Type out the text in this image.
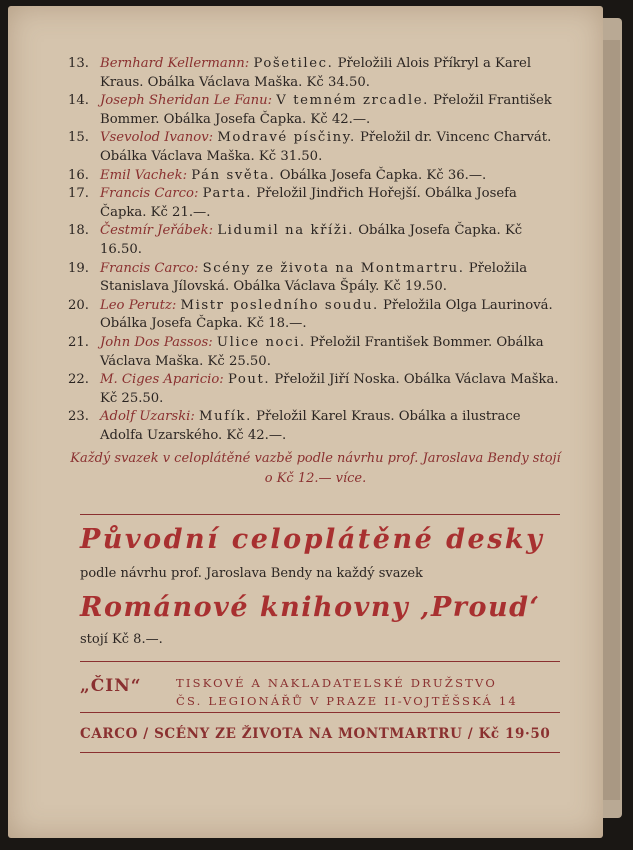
13. Bernhard Kellermann: Pošetilec. Přeložili Alois Příkryl a Karel Kraus. Obálka Václava Maška. Kč 34.50.
14. Joseph Sheridan Le Fanu: V temném zrcadle. Přeložil František Bommer. Obálka Josefa Čapka. Kč 42.—.
15. Vsevolod Ivanov: Modravé písčiny. Přeložil dr. Vincenc Charvát. Obálka Václava Maška. Kč 31.50.
16. Emil Vachek: Pán světa. Obálka Josefa Čapka. Kč 36.—.
17. Francis Carco: Parta. Přeložil Jindřich Hořejší. Obálka Josefa Čapka. Kč 21.—.
18. Čestmír Jeřábek: Lidumil na kříži. Obálka Josefa Čapka. Kč 16.50.
19. Francis Carco: Scény ze života na Montmartru. Přeložila Stanislava Jílovská. Obálka Václava Špály. Kč 19.50.
20. Leo Perutz: Mistr posledního soudu. Přeložila Olga Laurinová. Obálka Josefa Čapka. Kč 18.—.
21. John Dos Passos: Ulice noci. Přeložil František Bommer. Obálka Václava Maška. Kč 25.50.
22. M. Ciges Aparicio: Pout. Přeložil Jiří Noska. Obálka Václava Maška. Kč 25.50.
23. Adolf Uzarski: Mufík. Přeložil Karel Kraus. Obálka a ilustrace Adolfa Uzarského. Kč 42.—.
Každý svazek v celoplátěné vazbě podle návrhu prof. Jaroslava Bendy stojí o Kč 12.— více.
Původní celoplátěné desky
podle návrhu prof. Jaroslava Bendy na každý svazek
Románové knihovny ‚Proud‘
stojí Kč 8.—.
„ČIN“	TISKOVÉ A NAKLADATELSKÉ DRUŽSTVO
ČS. LEGIONÁŘŮ V PRAZE II-VOJTĚŠSKÁ 14
CARCO / SCÉNY ZE ŽIVOTA NA MONTMARTRU / Kč 19·50
